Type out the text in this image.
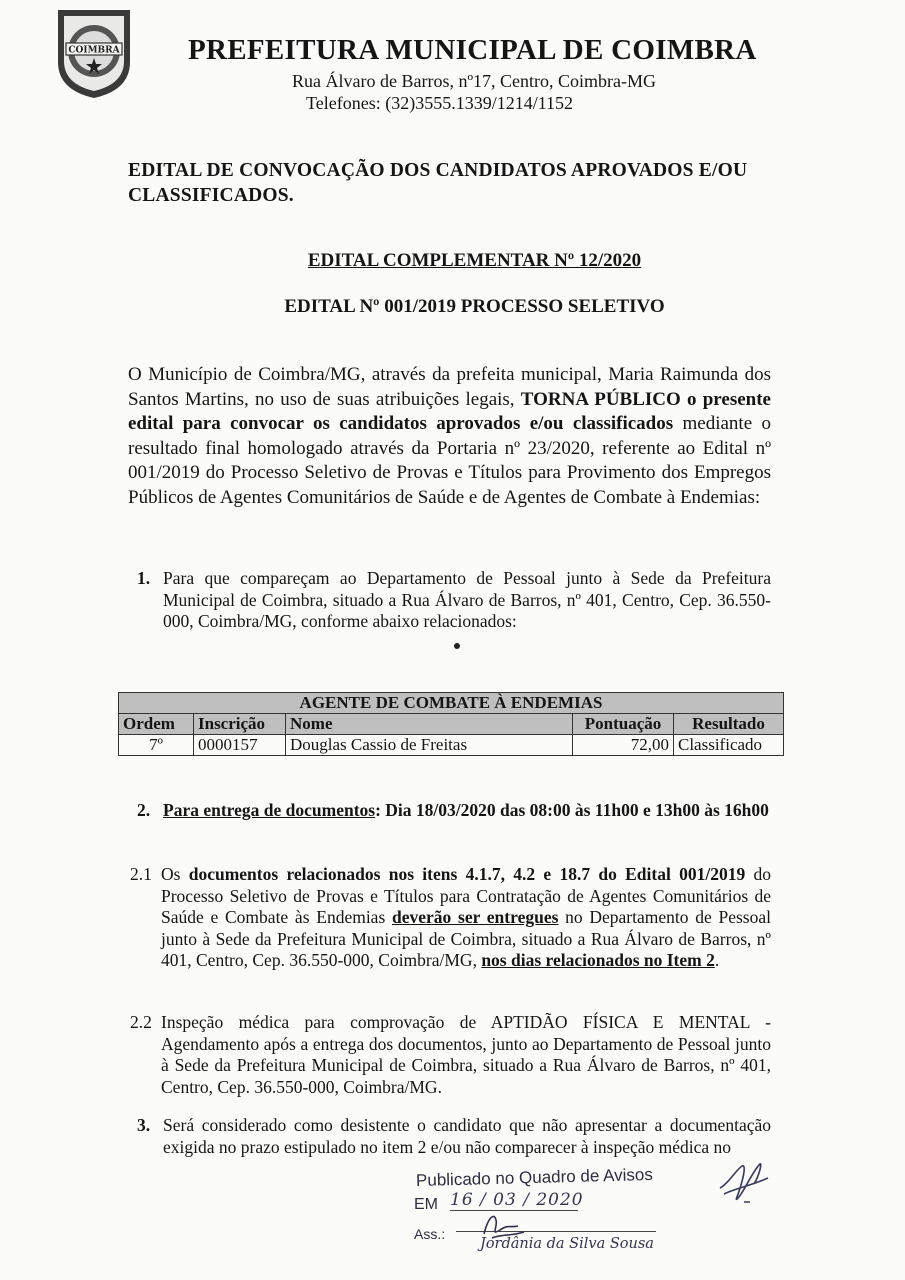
COIMBRA PREFEITURA MUNICIPAL DE COIMBRA
Rua Álvaro de Barros, nº17, Centro, Coimbra-MG
Telefones: (32)3555.1339/1214/1152
EDITAL DE CONVOCAÇÃO DOS CANDIDATOS APROVADOS E/OU CLASSIFICADOS.
EDITAL COMPLEMENTAR Nº 12/2020
EDITAL Nº 001/2019 PROCESSO SELETIVO
O Município de Coimbra/MG, através da prefeita municipal, Maria Raimunda dos Santos Martins, no uso de suas atribuições legais, TORNA PÚBLICO o presente edital para convocar os candidatos aprovados e/ou classificados mediante o resultado final homologado através da Portaria nº 23/2020, referente ao Edital nº 001/2019 do Processo Seletivo de Provas e Títulos para Provimento dos Empregos Públicos de Agentes Comunitários de Saúde e de Agentes de Combate à Endemias:
1. Para que compareçam ao Departamento de Pessoal junto à Sede da Prefeitura Municipal de Coimbra, situado a Rua Álvaro de Barros, nº 401, Centro, Cep. 36.550-000, Coimbra/MG, conforme abaixo relacionados:
AGENTE DE COMBATE À ENDEMIAS				
Ordem	Inscrição	Nome	Pontuação	Resultado
7º	0000157	Douglas Cassio de Freitas	72,00	Classificado
2. Para entrega de documentos: Dia 18/03/2020 das 08:00 às 11h00 e 13h00 às 16h00
2.1 Os documentos relacionados nos itens 4.1.7, 4.2 e 18.7 do Edital 001/2019 do Processo Seletivo de Provas e Títulos para Contratação de Agentes Comunitários de Saúde e Combate às Endemias deverão ser entregues no Departamento de Pessoal junto à Sede da Prefeitura Municipal de Coimbra, situado a Rua Álvaro de Barros, nº 401, Centro, Cep. 36.550-000, Coimbra/MG, nos dias relacionados no Item 2.
2.2 Inspeção médica para comprovação de APTIDÃO FÍSICA E MENTAL - Agendamento após a entrega dos documentos, junto ao Departamento de Pessoal junto à Sede da Prefeitura Municipal de Coimbra, situado a Rua Álvaro de Barros, nº 401, Centro, Cep. 36.550-000, Coimbra/MG.
3. Será considerado como desistente o candidato que não apresentar a documentação exigida no prazo estipulado no item 2 e/ou não comparecer à inspeção médica no
Publicado no Quadro de Avisos
EM 16 / 03 / 2020
Ass.:
Jordânia da Silva Sousa
